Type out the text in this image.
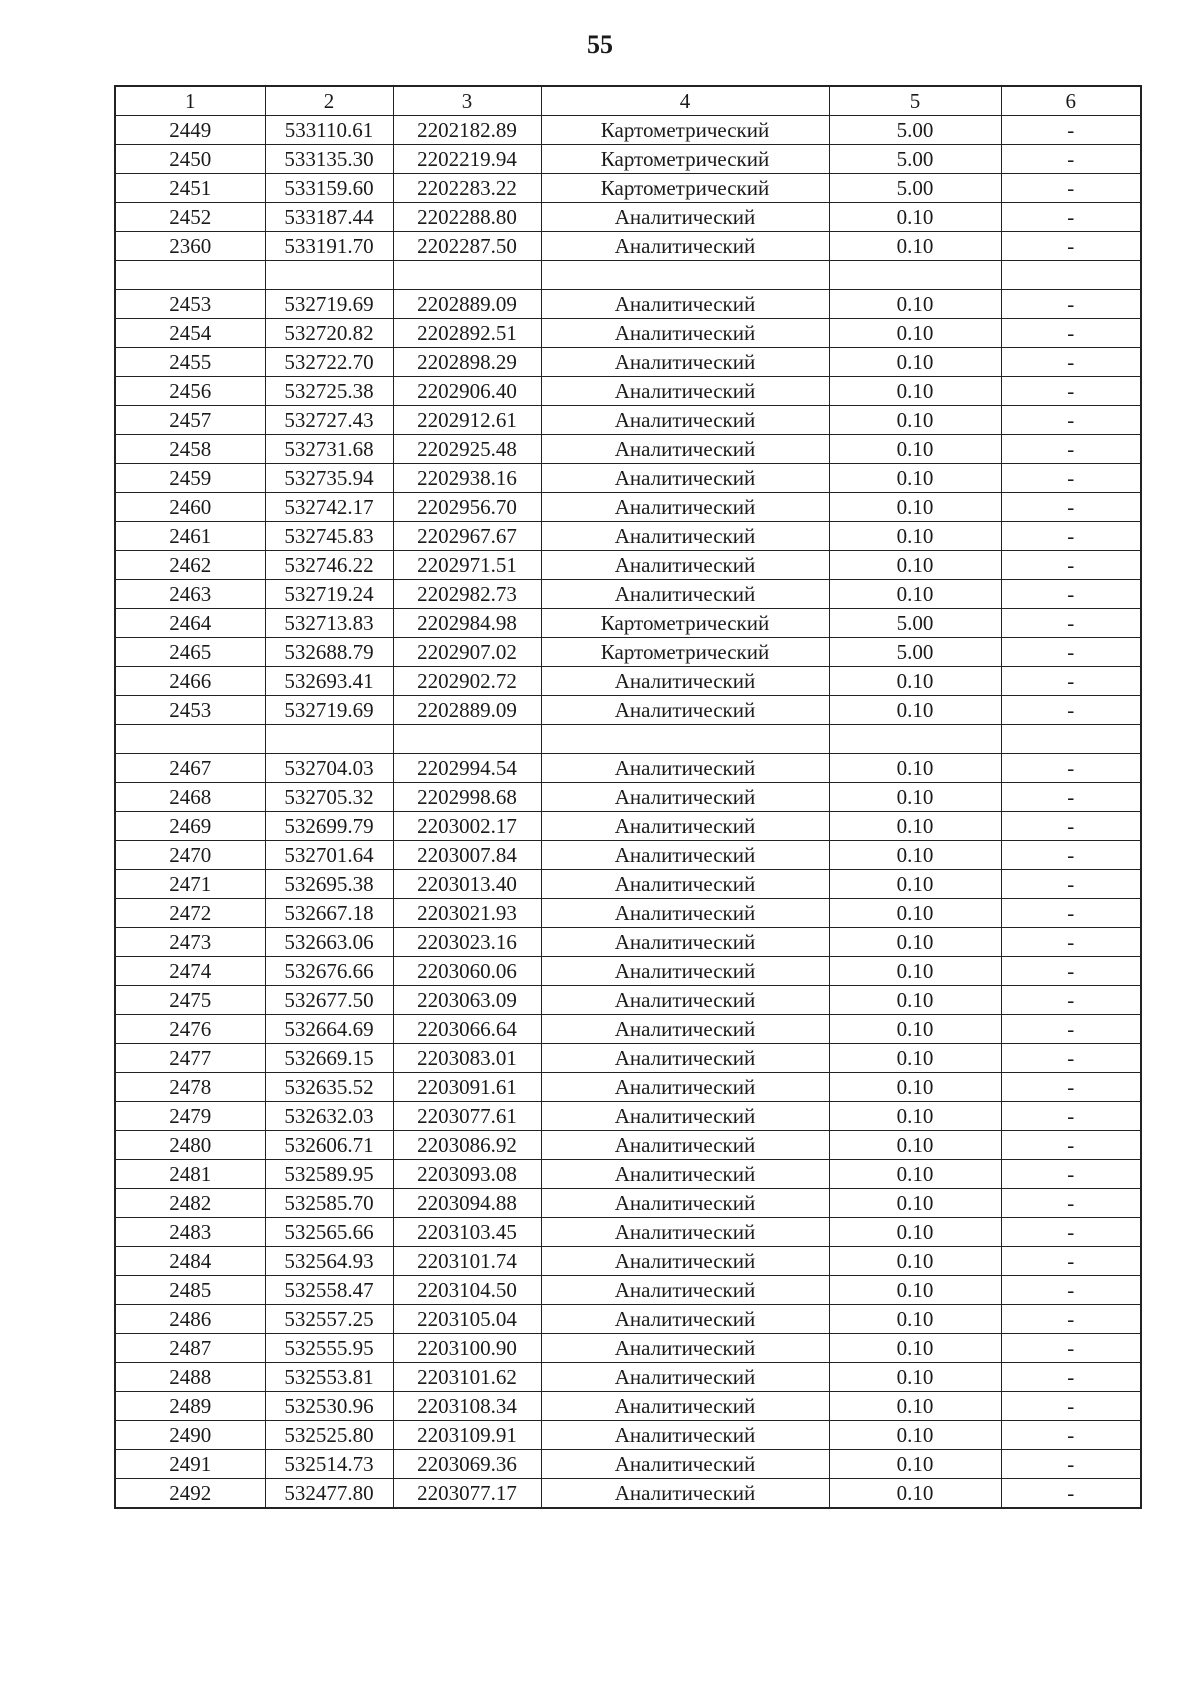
55
1	2	3	4	5	6
2449	533110.61	2202182.89	Картометрический	5.00	-
2450	533135.30	2202219.94	Картометрический	5.00	-
2451	533159.60	2202283.22	Картометрический	5.00	-
2452	533187.44	2202288.80	Аналитический	0.10	-
2360	533191.70	2202287.50	Аналитический	0.10	-

2453	532719.69	2202889.09	Аналитический	0.10	-
2454	532720.82	2202892.51	Аналитический	0.10	-
2455	532722.70	2202898.29	Аналитический	0.10	-
2456	532725.38	2202906.40	Аналитический	0.10	-
2457	532727.43	2202912.61	Аналитический	0.10	-
2458	532731.68	2202925.48	Аналитический	0.10	-
2459	532735.94	2202938.16	Аналитический	0.10	-
2460	532742.17	2202956.70	Аналитический	0.10	-
2461	532745.83	2202967.67	Аналитический	0.10	-
2462	532746.22	2202971.51	Аналитический	0.10	-
2463	532719.24	2202982.73	Аналитический	0.10	-
2464	532713.83	2202984.98	Картометрический	5.00	-
2465	532688.79	2202907.02	Картометрический	5.00	-
2466	532693.41	2202902.72	Аналитический	0.10	-
2453	532719.69	2202889.09	Аналитический	0.10	-

2467	532704.03	2202994.54	Аналитический	0.10	-
2468	532705.32	2202998.68	Аналитический	0.10	-
2469	532699.79	2203002.17	Аналитический	0.10	-
2470	532701.64	2203007.84	Аналитический	0.10	-
2471	532695.38	2203013.40	Аналитический	0.10	-
2472	532667.18	2203021.93	Аналитический	0.10	-
2473	532663.06	2203023.16	Аналитический	0.10	-
2474	532676.66	2203060.06	Аналитический	0.10	-
2475	532677.50	2203063.09	Аналитический	0.10	-
2476	532664.69	2203066.64	Аналитический	0.10	-
2477	532669.15	2203083.01	Аналитический	0.10	-
2478	532635.52	2203091.61	Аналитический	0.10	-
2479	532632.03	2203077.61	Аналитический	0.10	-
2480	532606.71	2203086.92	Аналитический	0.10	-
2481	532589.95	2203093.08	Аналитический	0.10	-
2482	532585.70	2203094.88	Аналитический	0.10	-
2483	532565.66	2203103.45	Аналитический	0.10	-
2484	532564.93	2203101.74	Аналитический	0.10	-
2485	532558.47	2203104.50	Аналитический	0.10	-
2486	532557.25	2203105.04	Аналитический	0.10	-
2487	532555.95	2203100.90	Аналитический	0.10	-
2488	532553.81	2203101.62	Аналитический	0.10	-
2489	532530.96	2203108.34	Аналитический	0.10	-
2490	532525.80	2203109.91	Аналитический	0.10	-
2491	532514.73	2203069.36	Аналитический	0.10	-
2492	532477.80	2203077.17	Аналитический	0.10	-
